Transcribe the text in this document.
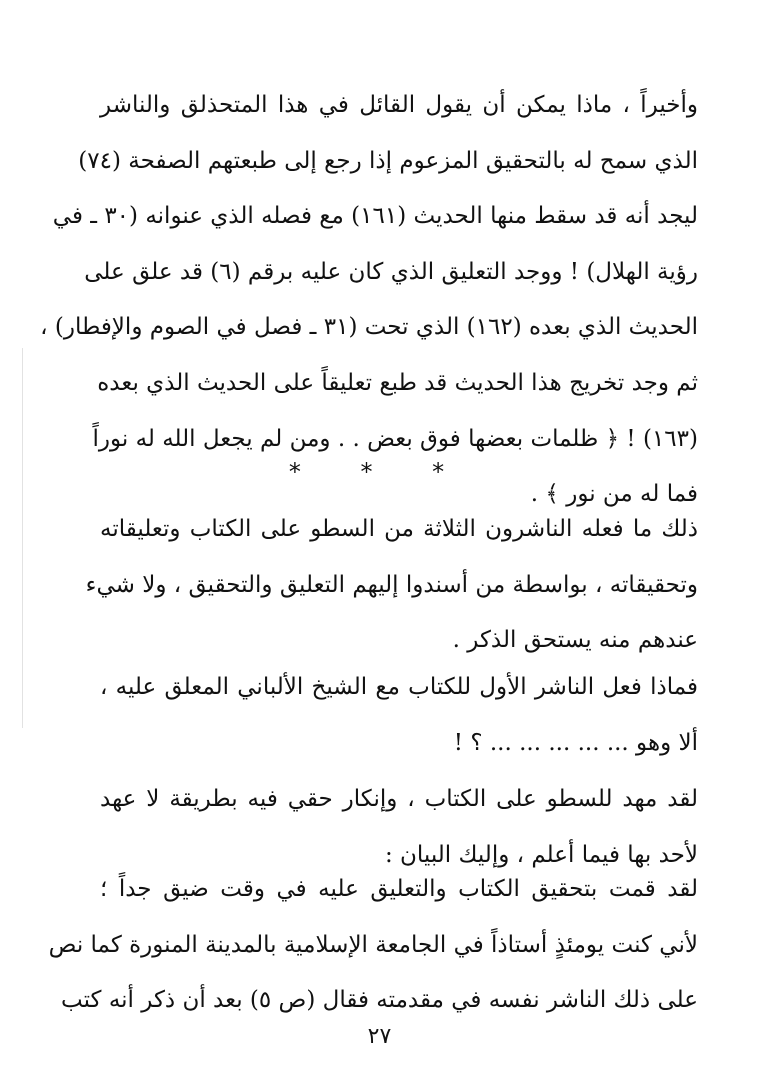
وأخيراً ، ماذا يمكن أن يقول القائل في هذا المتحذلق والناشر
الذي سمح له بالتحقيق المزعوم إذا رجع إلى طبعتهم الصفحة (٧٤)
ليجد أنه قد سقط منها الحديث (١٦١) مع فصله الذي عنوانه (٣٠ ـ في
رؤية الهلال) ! ووجد التعليق الذي كان عليه برقم (٦) قد علق على
الحديث الذي بعده (١٦٢) الذي تحت (٣١ ـ فصل في الصوم والإفطار) ،
ثم وجد تخريج هذا الحديث قد طبع تعليقاً على الحديث الذي بعده
(١٦٣) ! ﴿ ظلمات بعضها فوق بعض . . ومن لم يجعل الله له نوراً
فما له من نور ﴾ .

* * *

ذلك ما فعله الناشرون الثلاثة من السطو على الكتاب وتعليقاته
وتحقيقاته ، بواسطة من أسندوا إليهم التعليق والتحقيق ، ولا شيء
عندهم منه يستحق الذكر .

فماذا فعل الناشر الأول للكتاب مع الشيخ الألباني المعلق عليه ،
ألا وهو ... ... ... ... ... ؟ !

لقد مهد للسطو على الكتاب ، وإنكار حقي فيه بطريقة لا عهد
لأحد بها فيما أعلم ، وإليك البيان :

لقد قمت بتحقيق الكتاب والتعليق عليه في وقت ضيق جداً ؛
لأني كنت يومئذٍ أستاذاً في الجامعة الإسلامية بالمدينة المنورة كما نص
على ذلك الناشر نفسه في مقدمته فقال (ص ٥) بعد أن ذكر أنه كتب

٢٧
